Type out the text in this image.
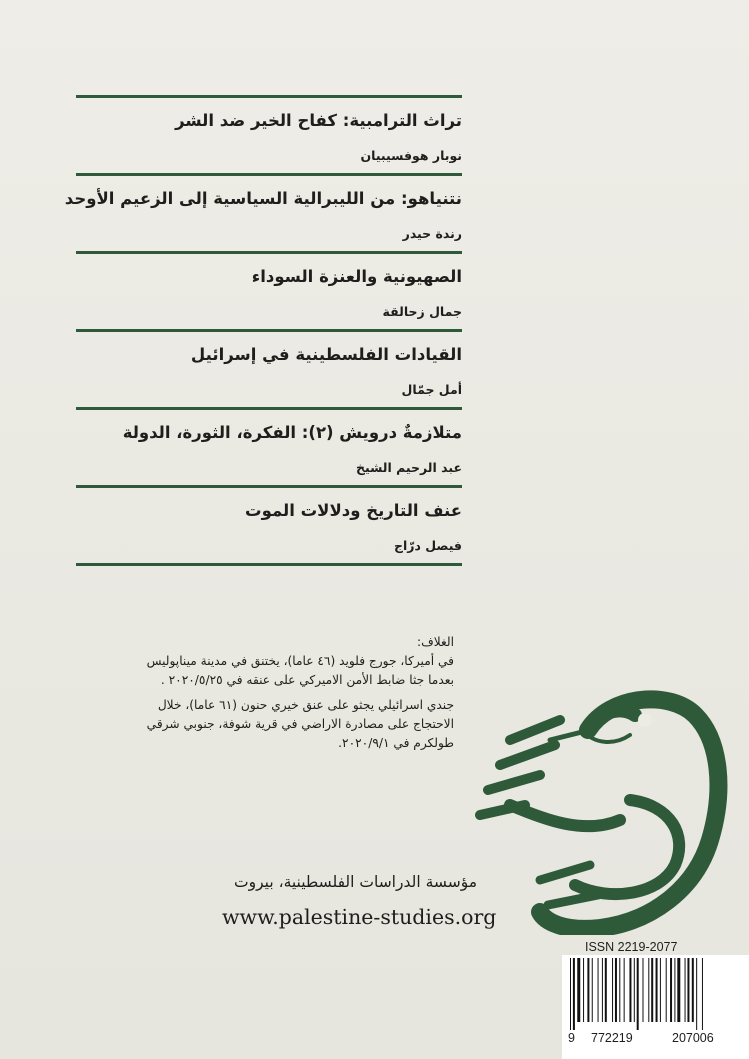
تراث الترامبية: كفاح الخير ضد الشر
نوبار هوفسيبيان
نتنياهو: من الليبرالية السياسية إلى الزعيم الأوحد
رندة حيدر
الصهيونية والعنزة السوداء
جمال زحالقة
القيادات الفلسطينية في إسرائيل
أمل جمّال
متلازمةٌ درويش (٢): الفكرة، الثورة، الدولة
عبد الرحيم الشيخ
عنف التاريخ ودلالات الموت
فيصل درّاج

الغلاف:

في أميركا، جورج فلويد (٤٦ عاما)، يختنق في مدينة ميناپوليس

بعدما جثا ضابط الأمن الاميركي على عنقه في ٢٠٢٠/٥/٢٥ .

جندي اسرائيلي يجثو على عنق خيري حنون (٦١ عاما)، خلال

الاحتجاج على مصادرة الاراضي في قرية شوفة، جنوبي شرقي

طولكرم في ٢٠٢٠/٩/١.

مؤسسة الدراسات الفلسطينية، بيروت
www.palestine-studies.org
ISSN 2219-2077
9 772219	207006
